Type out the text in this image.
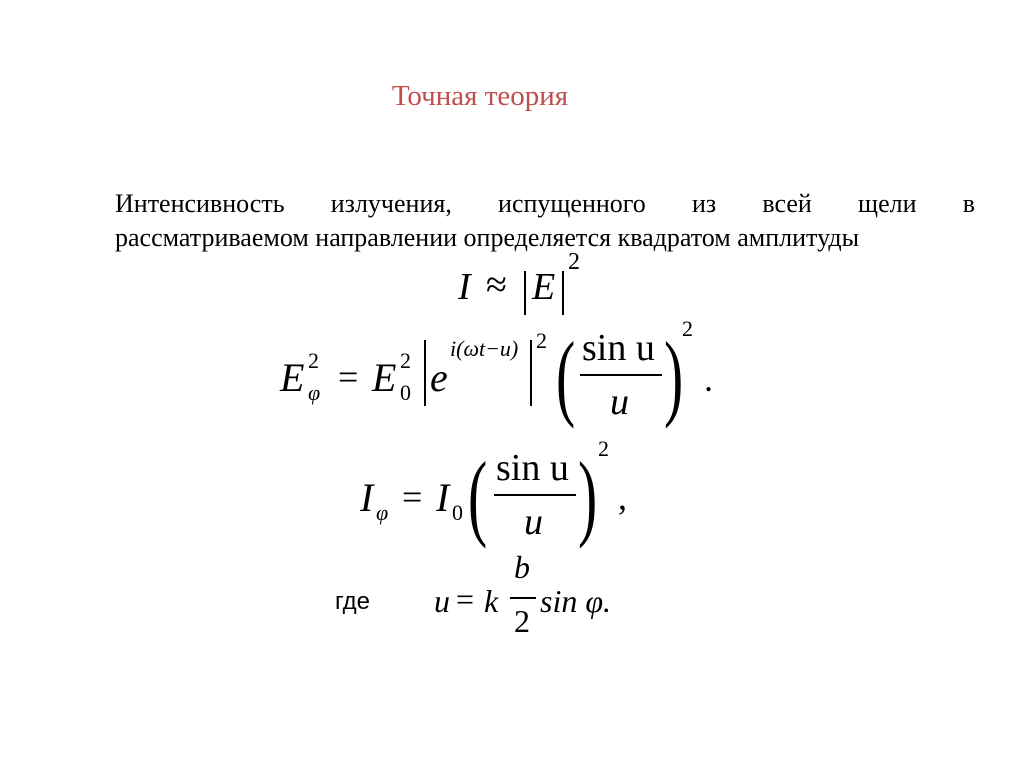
Точная теория
Интенсивность излучения, испущенного из всей щели в
рассматриваемом направлении определяется квадратом амплитуды
I ≈ E
2
E 2
φ = E 2
0 e
i(ωt−u) 2 ( sin u
u )
2
.
I φ = I 0 ( sin u
u ) 2
,
где u = k
b
2
sin φ.
